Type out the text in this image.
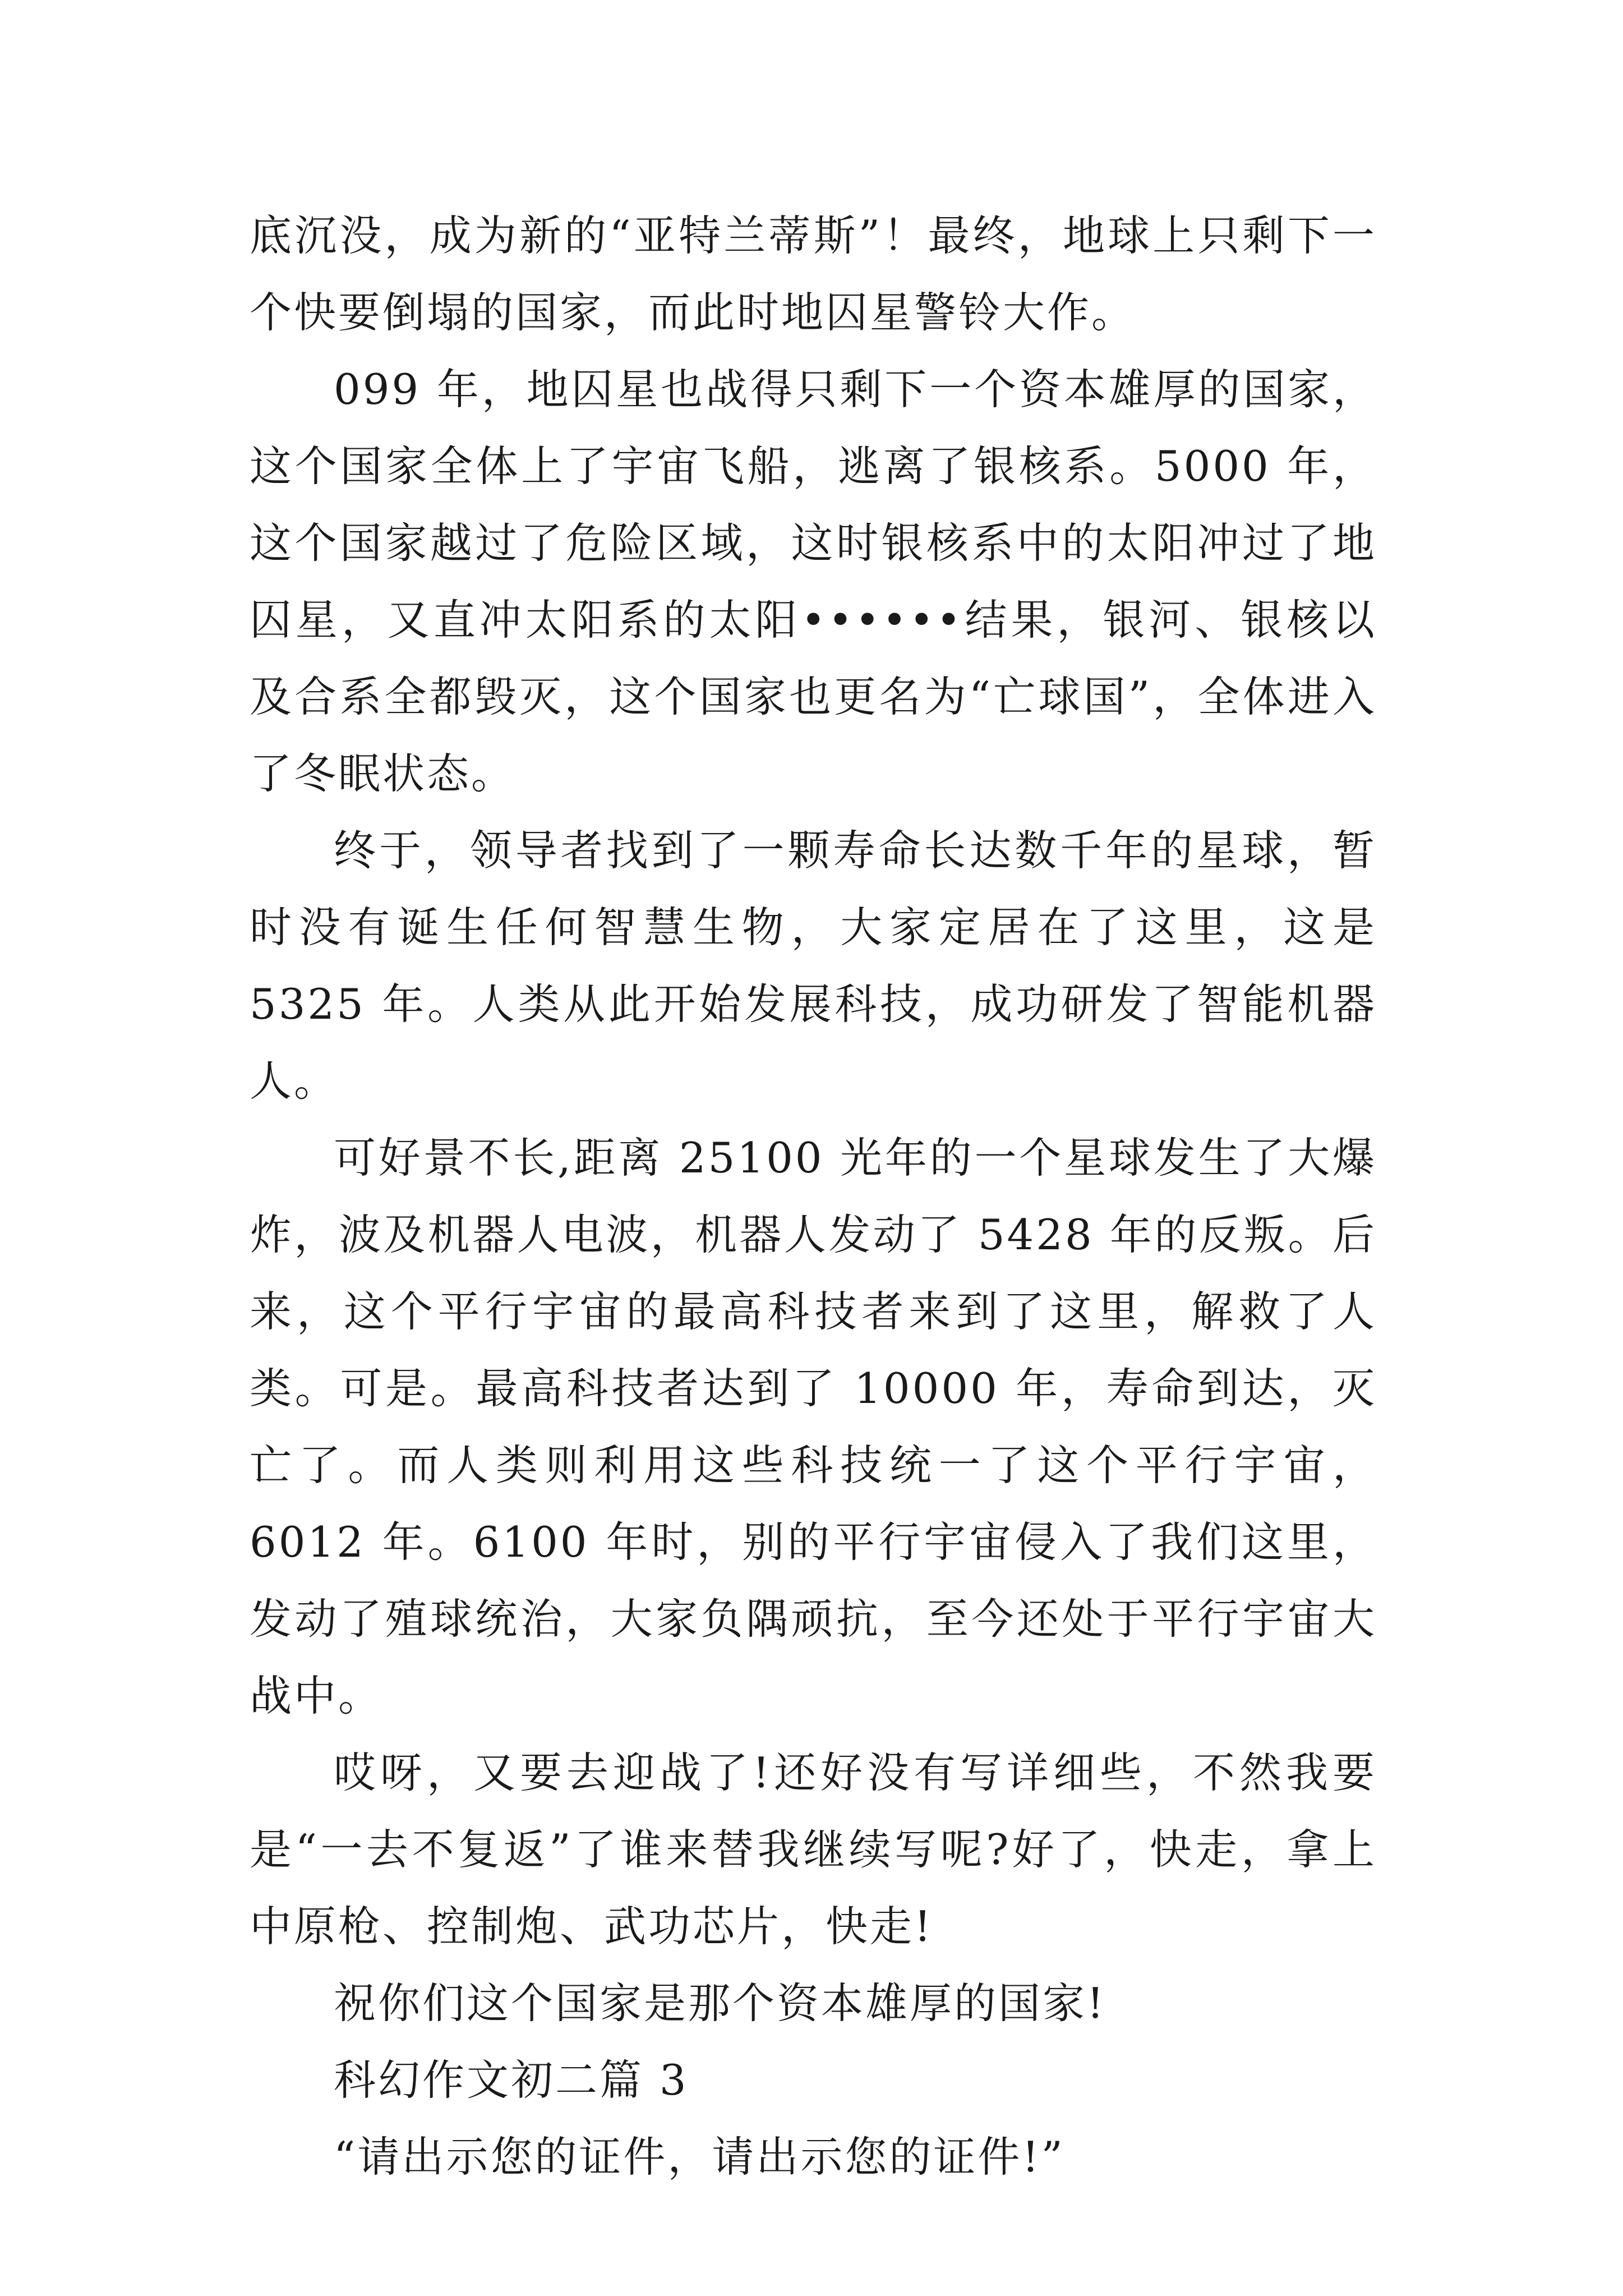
底沉没，成为新的“亚特兰蒂斯”！最终，地球上只剩下一个快要倒塌的国家，而此时地囚星警铃大作。

099 年，地囚星也战得只剩下一个资本雄厚的国家，这个国家全体上了宇宙飞船，逃离了银核系。5000 年，这个国家越过了危险区域，这时银核系中的太阳冲过了地囚星，又直冲太阳系的太阳••••••结果，银河、银核以及合系全都毁灭，这个国家也更名为“亡球国”，全体进入了冬眠状态。

终于，领导者找到了一颗寿命长达数千年的星球，暂时没有诞生任何智慧生物，大家定居在了这里，这是 5325 年。人类从此开始发展科技，成功研发了智能机器人。

可好景不长,距离 25100 光年的一个星球发生了大爆炸，波及机器人电波，机器人发动了 5428 年的反叛。后来，这个平行宇宙的最高科技者来到了这里，解救了人类。可是。最高科技者达到了 10000 年，寿命到达，灭亡了。而人类则利用这些科技统一了这个平行宇宙，6012 年。6100 年时，别的平行宇宙侵入了我们这里，发动了殖球统治，大家负隅顽抗，至今还处于平行宇宙大战中。

哎呀，又要去迎战了!还好没有写详细些，不然我要是“一去不复返”了谁来替我继续写呢?好了，快走，拿上中原枪、控制炮、武功芯片，快走!

祝你们这个国家是那个资本雄厚的国家!

科幻作文初二篇 3

“请出示您的证件，请出示您的证件!”
